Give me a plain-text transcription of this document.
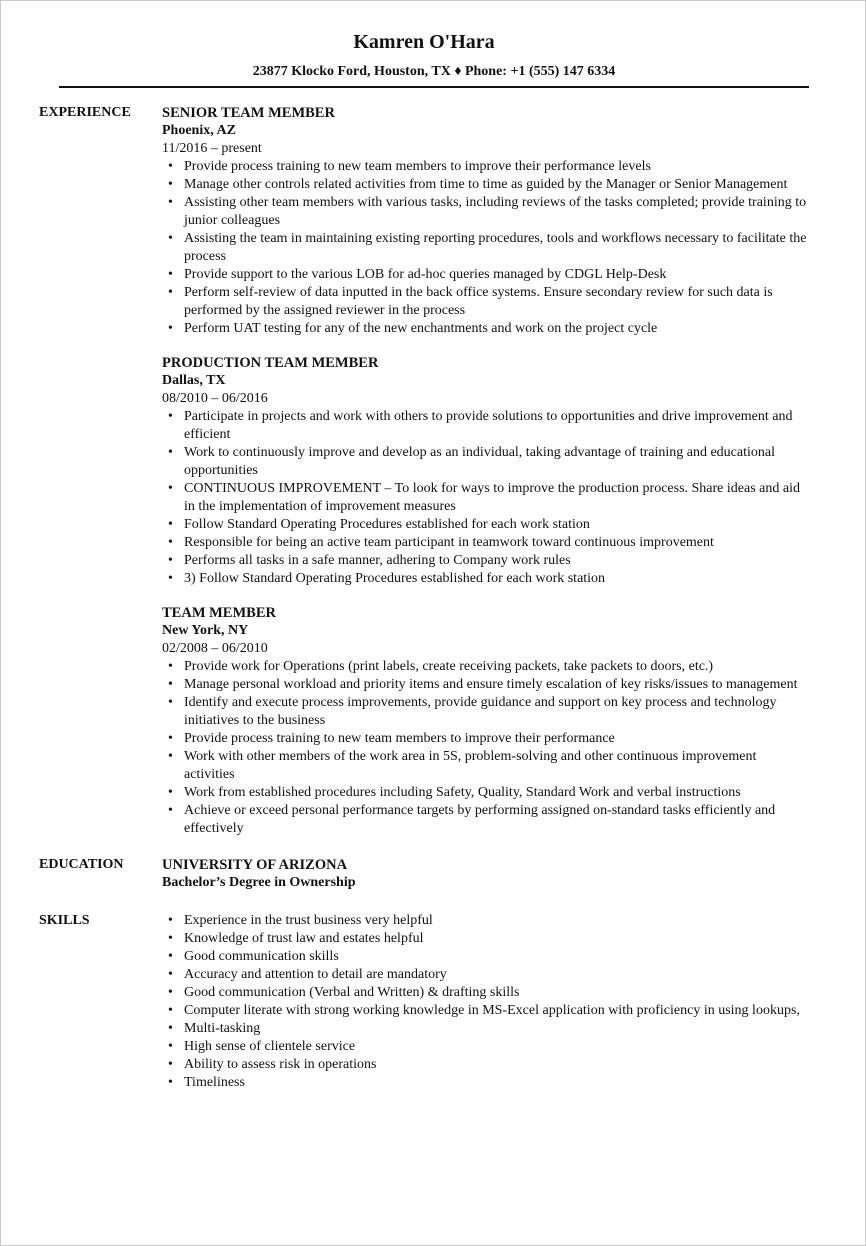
Kamren O'Hara
23877 Klocko Ford, Houston, TX ♦ Phone: +1 (555) 147 6334
EXPERIENCE	SENIOR TEAM MEMBER
Phoenix, AZ
11/2016 – present
• Provide process training to new team members to improve their performance levels
• Manage other controls related activities from time to time as guided by the Manager or Senior Management
• Assisting other team members with various tasks, including reviews of the tasks completed; provide training to junior colleagues
• Assisting the team in maintaining existing reporting procedures, tools and workflows necessary to facilitate the process
• Provide support to the various LOB for ad-hoc queries managed by CDGL Help-Desk
• Perform self-review of data inputted in the back office systems. Ensure secondary review for such data is performed by the assigned reviewer in the process
• Perform UAT testing for any of the new enchantments and work on the project cycle
PRODUCTION TEAM MEMBER
Dallas, TX
08/2010 – 06/2016
• Participate in projects and work with others to provide solutions to opportunities and drive improvement and efficient
• Work to continuously improve and develop as an individual, taking advantage of training and educational opportunities
• CONTINUOUS IMPROVEMENT – To look for ways to improve the production process. Share ideas and aid in the implementation of improvement measures
• Follow Standard Operating Procedures established for each work station
• Responsible for being an active team participant in teamwork toward continuous improvement
• Performs all tasks in a safe manner, adhering to Company work rules
• 3) Follow Standard Operating Procedures established for each work station
TEAM MEMBER
New York, NY
02/2008 – 06/2010
• Provide work for Operations (print labels, create receiving packets, take packets to doors, etc.)
• Manage personal workload and priority items and ensure timely escalation of key risks/issues to management
• Identify and execute process improvements, provide guidance and support on key process and technology initiatives to the business
• Provide process training to new team members to improve their performance
• Work with other members of the work area in 5S, problem-solving and other continuous improvement activities
• Work from established procedures including Safety, Quality, Standard Work and verbal instructions
• Achieve or exceed personal performance targets by performing assigned on-standard tasks efficiently and effectively
EDUCATION	UNIVERSITY OF ARIZONA
Bachelor’s Degree in Ownership
SKILLS
•	Experience in the trust business very helpful
• Knowledge of trust law and estates helpful
• Good communication skills
• Accuracy and attention to detail are mandatory
• Good communication (Verbal and Written) & drafting skills
• Computer literate with strong working knowledge in MS-Excel application with proficiency in using lookups,
• Multi-tasking
• High sense of clientele service
• Ability to assess risk in operations
• Timeliness
